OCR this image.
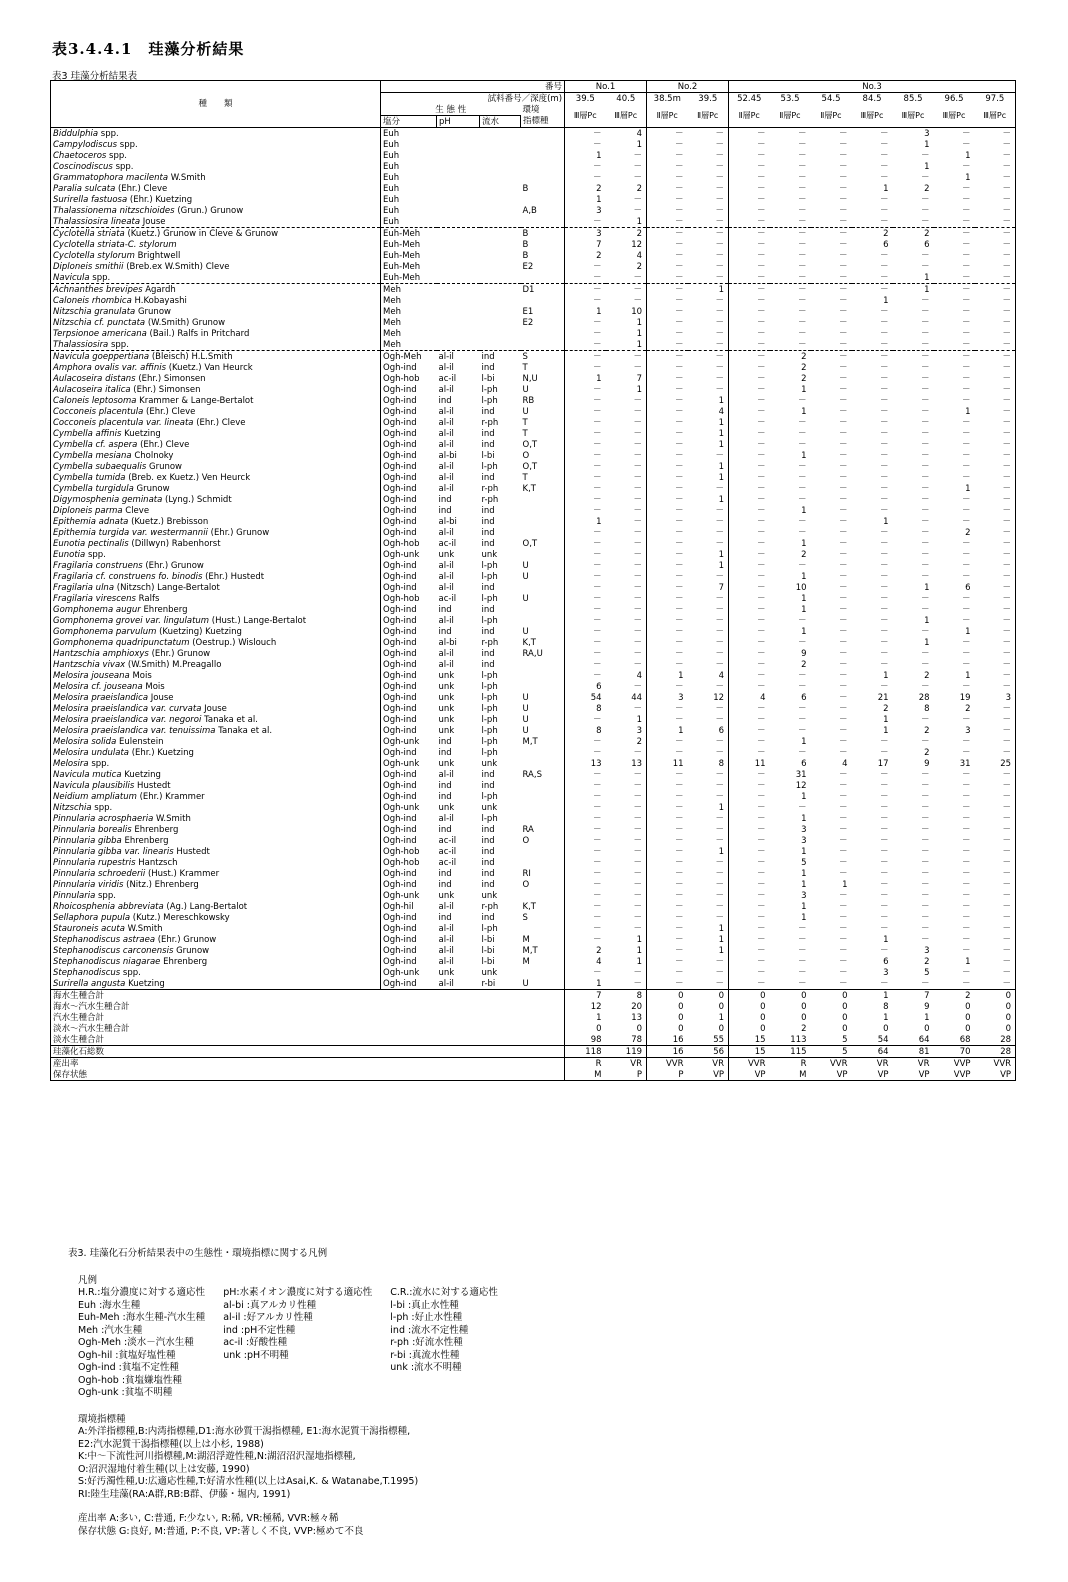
表3.4.4.1　珪藻分析結果
表3 珪藻分析結果表
種　　類	番号				No.1		No.2		No.3						
	試料番号／深度(m)				39.5	40.5	38.5m	39.5	52.45	53.5	54.5	84.5	85.5	96.5	97.5
	生 態 性			環境	Ⅲ層Pc	Ⅲ層Pc	Ⅱ層Pc	Ⅱ層Pc	Ⅱ層Pc	Ⅱ層Pc	Ⅱ層Pc	Ⅲ層Pc	Ⅲ層Pc	Ⅲ層Pc	Ⅲ層Pc
	塩分	pH	流水	指標種											
Biddulphia spp.	Euh				－	4	－	－	－	－	－	－	3	－	－
Campylodiscus spp.	Euh				－	1	－	－	－	－	－	－	1	－	－
Chaetoceros spp.	Euh				1	－	－	－	－	－	－	－	－	1	－
Coscinodiscus spp.	Euh				－	－	－	－	－	－	－	－	1	－	－
Grammatophora macilenta W.Smith	Euh				－	－	－	－	－	－	－	－	－	1	－
Paralia sulcata (Ehr.) Cleve	Euh			B	2	2	－	－	－	－	－	1	2	－	－
Surirella fastuosa (Ehr.) Kuetzing	Euh				1	－	－	－	－	－	－	－	－	－	－
Thalassionema nitzschioides (Grun.) Grunow	Euh			A,B	3	－	－	－	－	－	－	－	－	－	－
Thalassiosira lineata Jouse	Euh				－	1	－	－	－	－	－	－	－	－	－
Cyclotella striata (Kuetz.) Grunow in Cleve & Grunow	Euh-Meh			B	3	2	－	－	－	－	－	2	2	－	－
Cyclotella striata-C. stylorum	Euh-Meh			B	7	12	－	－	－	－	－	6	6	－	－
Cyclotella stylorum Brightwell	Euh-Meh			B	2	4	－	－	－	－	－	－	－	－	－
Diploneis smithii (Breb.ex W.Smith) Cleve	Euh-Meh			E2	－	2	－	－	－	－	－	－	－	－	－
Navicula spp.	Euh-Meh				－	－	－	－	－	－	－	－	1	－	－
Achnanthes brevipes Agardh	Meh			D1	－	－	－	1	－	－	－	－	1	－	－
Caloneis rhombica H.Kobayashi	Meh				－	－	－	－	－	－	－	1	－	－	－
Nitzschia granulata Grunow	Meh			E1	1	10	－	－	－	－	－	－	－	－	－
Nitzschia cf. punctata (W.Smith) Grunow	Meh			E2	－	1	－	－	－	－	－	－	－	－	－
Terpsionoe americana (Bail.) Ralfs in Pritchard	Meh				－	1	－	－	－	－	－	－	－	－	－
Thalassiosira spp.	Meh				－	1	－	－	－	－	－	－	－	－	－
Navicula goeppertiana (Bleisch) H.L.Smith	Ogh-Meh	al-il	ind	S	－	－	－	－	－	2	－	－	－	－	－
Amphora ovalis var. affinis (Kuetz.) Van Heurck	Ogh-ind	al-il	ind	T	－	－	－	－	－	2	－	－	－	－	－
Aulacoseira distans (Ehr.) Simonsen	Ogh-hob	ac-il	l-bi	N,U	1	7	－	－	－	2	－	－	－	－	－
Aulacoseira italica (Ehr.) Simonsen	Ogh-ind	al-il	l-ph	U	－	1	－	－	－	1	－	－	－	－	－
Caloneis leptosoma Krammer & Lange-Bertalot	Ogh-ind	ind	l-ph	RB	－	－	－	1	－	－	－	－	－	－	－
Cocconeis placentula (Ehr.) Cleve	Ogh-ind	al-il	ind	U	－	－	－	4	－	1	－	－	－	1	－
Cocconeis placentula var. lineata (Ehr.) Cleve	Ogh-ind	al-il	r-ph	T	－	－	－	1	－	－	－	－	－	－	－
Cymbella affinis Kuetzing	Ogh-ind	al-il	ind	T	－	－	－	1	－	－	－	－	－	－	－
Cymbella cf. aspera (Ehr.) Cleve	Ogh-ind	al-il	ind	O,T	－	－	－	1	－	－	－	－	－	－	－
Cymbella mesiana Cholnoky	Ogh-ind	al-bi	l-bi	O	－	－	－	－	－	1	－	－	－	－	－
Cymbella subaequalis Grunow	Ogh-ind	al-il	l-ph	O,T	－	－	－	1	－	－	－	－	－	－	－
Cymbella tumida (Breb. ex Kuetz.) Ven Heurck	Ogh-ind	al-il	ind	T	－	－	－	1	－	－	－	－	－	－	－
Cymbella turgidula Grunow	Ogh-ind	al-il	r-ph	K,T	－	－	－	－	－	－	－	－	－	1	－
Digymosphenia geminata (Lyng.) Schmidt	Ogh-ind	ind	r-ph		－	－	－	1	－	－	－	－	－	－	－
Diploneis parma Cleve	Ogh-ind	ind	ind		－	－	－	－	－	1	－	－	－	－	－
Epithemia adnata (Kuetz.) Brebisson	Ogh-ind	al-bi	ind		1	－	－	－	－	－	－	1	－	－	－
Epithemia turgida var. westermannii (Ehr.) Grunow	Ogh-ind	al-il	ind		－	－	－	－	－	－	－	－	－	2	－
Eunotia pectinalis (Dillwyn) Rabenhorst	Ogh-hob	ac-il	ind	O,T	－	－	－	－	－	1	－	－	－	－	－
Eunotia spp.	Ogh-unk	unk	unk		－	－	－	1	－	2	－	－	－	－	－
Fragilaria construens (Ehr.) Grunow	Ogh-ind	al-il	l-ph	U	－	－	－	1	－	－	－	－	－	－	－
Fragilaria cf. construens fo. binodis (Ehr.) Hustedt	Ogh-ind	al-il	l-ph	U	－	－	－	－	－	1	－	－	－	－	－
Fragilaria ulna (Nitzsch) Lange-Bertalot	Ogh-ind	al-il	ind		－	－	－	7	－	10	－	－	1	6	－
Fragilaria virescens Ralfs	Ogh-hob	ac-il	l-ph	U	－	－	－	－	－	1	－	－	－	－	－
Gomphonema augur Ehrenberg	Ogh-ind	ind	ind		－	－	－	－	－	1	－	－	－	－	－
Gomphonema grovei var. lingulatum (Hust.) Lange-Bertalot	Ogh-ind	al-il	l-ph		－	－	－	－	－	－	－	－	1	－	－
Gomphonema parvulum (Kuetzing) Kuetzing	Ogh-ind	ind	ind	U	－	－	－	－	－	1	－	－	－	1	－
Gomphonema quadripunctatum (Oestrup.) Wislouch	Ogh-ind	al-bi	r-ph	K,T	－	－	－	－	－	－	－	－	1	－	－
Hantzschia amphioxys (Ehr.) Grunow	Ogh-ind	al-il	ind	RA,U	－	－	－	－	－	9	－	－	－	－	－
Hantzschia vivax (W.Smith) M.Preagallo	Ogh-ind	al-il	ind		－	－	－	－	－	2	－	－	－	－	－
Melosira jouseana Mois	Ogh-ind	unk	l-ph		－	4	1	4	－	－	－	1	2	1	－
Melosira cf. jouseana Mois	Ogh-ind	unk	l-ph		6	－	－	－	－	－	－	－	－	－	－
Melosira praeislandica Jouse	Ogh-ind	unk	l-ph	U	54	44	3	12	4	6	－	21	28	19	3
Melosira praeislandica var. curvata Jouse	Ogh-ind	unk	l-ph	U	8	－	－	－	－	－	－	2	8	2	－
Melosira praeislandica var. negoroi Tanaka et al.	Ogh-ind	unk	l-ph	U	－	1	－	－	－	－	－	1	－	－	－
Melosira praeislandica var. tenuissima Tanaka et al.	Ogh-ind	unk	l-ph	U	8	3	1	6	－	－	－	1	2	3	－
Melosira solida Eulenstein	Ogh-unk	ind	l-ph	M,T	－	2	－	－	－	1	－	－	－	－	－
Melosira undulata (Ehr.) Kuetzing	Ogh-ind	ind	l-ph		－	－	－	－	－	－	－	－	2	－	－
Melosira spp.	Ogh-unk	unk	unk		13	13	11	8	11	6	4	17	9	31	25
Navicula mutica Kuetzing	Ogh-ind	al-il	ind	RA,S	－	－	－	－	－	31	－	－	－	－	－
Navicula plausibilis Hustedt	Ogh-ind	ind	ind		－	－	－	－	－	12	－	－	－	－	－
Neidium ampliatum (Ehr.) Krammer	Ogh-ind	ind	l-ph		－	－	－	－	－	1	－	－	－	－	－
Nitzschia spp.	Ogh-unk	unk	unk		－	－	－	1	－	－	－	－	－	－	－
Pinnularia acrosphaeria W.Smith	Ogh-ind	al-il	l-ph		－	－	－	－	－	1	－	－	－	－	－
Pinnularia borealis Ehrenberg	Ogh-ind	ind	ind	RA	－	－	－	－	－	3	－	－	－	－	－
Pinnularia gibba Ehrenberg	Ogh-ind	ac-il	ind	O	－	－	－	－	－	3	－	－	－	－	－
Pinnularia gibba var. linearis Hustedt	Ogh-hob	ac-il	ind		－	－	－	1	－	1	－	－	－	－	－
Pinnularia rupestris Hantzsch	Ogh-hob	ac-il	ind		－	－	－	－	－	5	－	－	－	－	－
Pinnularia schroederii (Hust.) Krammer	Ogh-ind	ind	ind	RI	－	－	－	－	－	1	－	－	－	－	－
Pinnularia viridis (Nitz.) Ehrenberg	Ogh-ind	ind	ind	O	－	－	－	－	－	1	1	－	－	－	－
Pinnularia spp.	Ogh-unk	unk	unk		－	－	－	－	－	3	－	－	－	－	－
Rhoicosphenia abbreviata (Ag.) Lang-Bertalot	Ogh-hil	al-il	r-ph	K,T	－	－	－	－	－	1	－	－	－	－	－
Sellaphora pupula (Kutz.) Mereschkowsky	Ogh-ind	ind	ind	S	－	－	－	－	－	1	－	－	－	－	－
Stauroneis acuta W.Smith	Ogh-ind	al-il	l-ph		－	－	－	1	－	－	－	－	－	－	－
Stephanodiscus astraea (Ehr.) Grunow	Ogh-ind	al-il	l-bi	M	－	1	－	1	－	－	－	1	－	－	－
Stephanodiscus carconensis Grunow	Ogh-ind	al-il	l-bi	M,T	2	1	－	1	－	－	－	－	3	－	－
Stephanodiscus niagarae Ehrenberg	Ogh-ind	al-il	l-bi	M	4	1	－	－	－	－	－	6	2	1	－
Stephanodiscus spp.	Ogh-unk	unk	unk		－	－	－	－	－	－	－	3	5	－	－
Surirella angusta Kuetzing	Ogh-ind	al-il	r-bi	U	1	－	－	－	－	－	－	－	－	－	－
海水生種合計					7	8	0	0	0	0	0	1	7	2	0
海水～汽水生種合計					12	20	0	0	0	0	0	8	9	0	0
汽水生種合計					1	13	0	1	0	0	0	1	1	0	0
淡水～汽水生種合計					0	0	0	0	0	2	0	0	0	0	0
淡水生種合計					98	78	16	55	15	113	5	54	64	68	28
珪藻化石総数					118	119	16	56	15	115	5	64	81	70	28
産出率					R	VR	VVR	VR	VVR	R	VVR	VR	VR	VVP	VVR
保存状態					M	P	P	VP	VP	M	VP	VP	VP	VVP	VP
表3. 珪藻化石分析結果表中の生態性・環境指標に関する凡例
凡例
H.R.:塩分濃度に対する適応性
Euh :海水生種
Euh-Meh :海水生種-汽水生種
Meh :汽水生種
Ogh-Meh :淡水－汽水生種
Ogh-hil :貧塩好塩性種
Ogh-ind :貧塩不定性種
Ogh-hob :貧塩嫌塩性種
Ogh-unk :貧塩不明種
pH:水素イオン濃度に対する適応性
al-bi :真アルカリ性種
al-il :好アルカリ性種
ind :pH不定性種
ac-il :好酸性種
unk :pH不明種
C.R.:流水に対する適応性
l-bi :真止水性種
l-ph :好止水性種
ind :流水不定性種
r-ph :好流水性種
r-bi :真流水性種
unk :流水不明種
環境指標種
A:外洋指標種,B:内湾指標種,D1:海水砂質干潟指標種, E1:海水泥質干潟指標種,
E2:汽水泥質干潟指標種(以上は小杉, 1988)
K:中～下流性河川指標種,M:湖沼浮遊性種,N:湖沼沼沢湿地指標種,
O:沼沢湿地付着生種(以上は安藤, 1990)
S:好汚濁性種,U:広適応性種,T:好清水性種(以上はAsai,K. & Watanabe,T.1995)
RI:陸生珪藻(RA:A群,RB:B群、伊藤・堀内, 1991)
産出率 A:多い, C:普通, F:少ない, R:稀, VR:極稀, VVR:極々稀
保存状態 G:良好, M:普通, P:不良, VP:著しく不良, VVP:極めて不良
